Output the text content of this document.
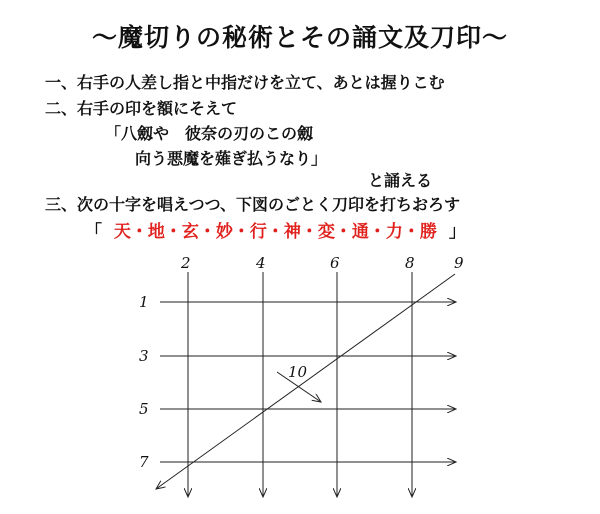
～魔切りの秘術とその誦文及刀印～
一、右手の人差し指と中指だけを立て、あとは握りこむ
二、右手の印を額にそえて
「八劔や　彼奈の刃のこの劔
向う悪魔を薙ぎ払うなり」
と誦える
三、次の十字を唱えつつ、下図のごとく刀印を打ちおろす
「 天・地・玄・妙・行・神・変・通・力・勝 」
2	4	6	8	9
1
3
5
7
10
